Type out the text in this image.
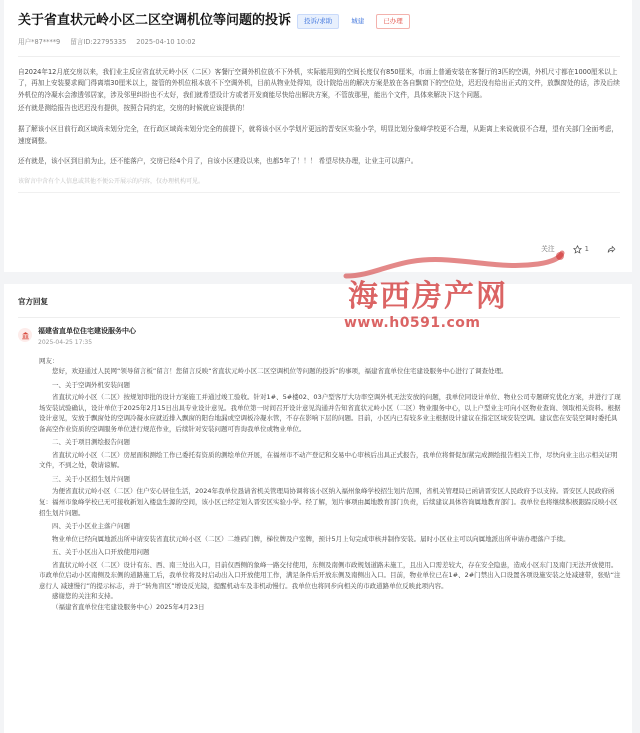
关于省直状元岭小区二区空调机位等问题的投诉	投诉/求助	城建	已办理
用户*87****9 留言ID:22795335 2025-04-10 10:02

自2024年12月底交房以来，我们业主反应省直状元岭小区（二区）客餐厅空调外机位放不下外机，实际能用到的空间长度仅有850厘米，市面上普通安装在客餐厅的3匹的空调，外机尺寸都在1000厘米以上了，再加上安装要求阀门得离墙30厘米以上，接管的外机位根本放不下空调外机，目前从物业处得知，设计院给出的解决方案是放在各自飘窗下的空位处，迟迟没有给出正式的文件，放飘窗处的话，涉及后续外机位的冷凝水会渗透邻居家，涉及邻里纠纷也不太好，我们就希望设计方或者开发商能尽快给出解决方案，不管放那里，能出个文件，具体来解决下这个问题。

还有就是测绘报告也迟迟没有提供，按照合同约定，交房的时候就应该提供的！

据了解该小区目前行政区域尚未划分完全，在行政区域尚未划分完全的前提下，就将该小区小学划片更远的晋安区实验小学，明显比划分象峰学校更不合理，从距离上来说就很不合理，望有关部门全面考虑，速度调整。

还有就是，该小区到目前为止，还不能落户，交房已经4个月了，自该小区建设以来，也都5年了！！！ 希望尽快办理，让业主可以落户。

该留言中含有个人信息或其他不便公开展示的内容，仅办理机构可见。
关注	1
官方回复
福建省直单位住宅建设服务中心
2025-04-25 17:35

网友：

您好，欢迎通过人民网“领导留言板”留言！您留言反映“省直状元岭小区二区空调机位等问题的投诉”的事项，福建省直单位住宅建设服务中心进行了调查处理。

一、关于空调外机安装问题

省直状元岭小区（二区）按规划审批的设计方案施工并通过竣工验收。针对1#、5#楼02、03户型客厅大功率空调外机无法安放的问题，我单位同设计单位、物业公司专题研究优化方案，并进行了现场安装试验确认，设计单位于2025年2月15日出具专业设计意见。我单位第一时间召开设计意见沟通并告知省直状元岭小区（二区）物业服务中心，以上户型业主可向小区物业查询、领取相关资料。根据设计意见，安放于飘窗处的空调冷凝水应就近排入飘窗的阳台地漏或空调板冷凝水管，不存在影响下层的问题。目前，小区内已有较多业主根据设计建议在指定区域安装空调。建议您在安装空调时委托具备高空作业资质的空调服务单位进行规范作业，后续针对安装问题可咨询我单位或物业单位。

二、关于项目测绘报告问题

省直状元岭小区（二区）房屋面积测绘工作已委托有资质的测绘单位开展，在福州市不动产登记和交易中心审核后出具正式报告，我单位将督促加紧完成测绘报告相关工作，尽快向业主出示相关证明文件，不到之处，敬请谅解。

三、关于小区招生划片问题

为便省直状元岭小区（二区）住户安心居住生活，2024年我单位恳请省机关管理局协调将该小区纳入福州象峰学校招生划片范围，省机关管理局已函请晋安区人民政府予以支持。晋安区人民政府函复：福州市象峰学校已无可接收新划入楼盘生源的空间，该小区已经定划入晋安区实验小学。经了解，划片事项由属地教育部门负责，后续建议具体咨询属地教育部门。我单位也将继续积极跟踪反映小区招生划片问题。

四、关于小区业主落户问题

物业单位已经向属地派出所申请安装省直状元岭小区（二区）二维码门牌，梯位牌及户室牌，预计5月上旬完成审核并制作安装。届时小区业主可以向属地派出所申请办理落户手续。

五、关于小区出入口开放使用问题

省直状元岭小区（二区）设计有东、西、南三处出入口，目前仅西侧的象峰一路交付使用，东侧及南侧市政规划道路未施工，且出入口需差较大，存在安全隐患，造成小区东门及南门无法开放使用。市政单位启动小区南侧及东侧的道路施工后，我单位将及时启动出入口开放使用工作，满足条件后开放东侧及南侧出入口。目前，物业单位已在1#、2#门禁出入口设置各项设施安装之处减速带，张贴“注意行人 减速慢行”的提示标志，并于“转角盲区”增设反光镜，提醒机动车及非机动慢行。我单位也将同步向相关的市政道路单位反映此项内容。

感谢您的关注和支持。

（福建省直单位住宅建设服务中心）2025年4月23日

海西房产网
www.h0591.com
